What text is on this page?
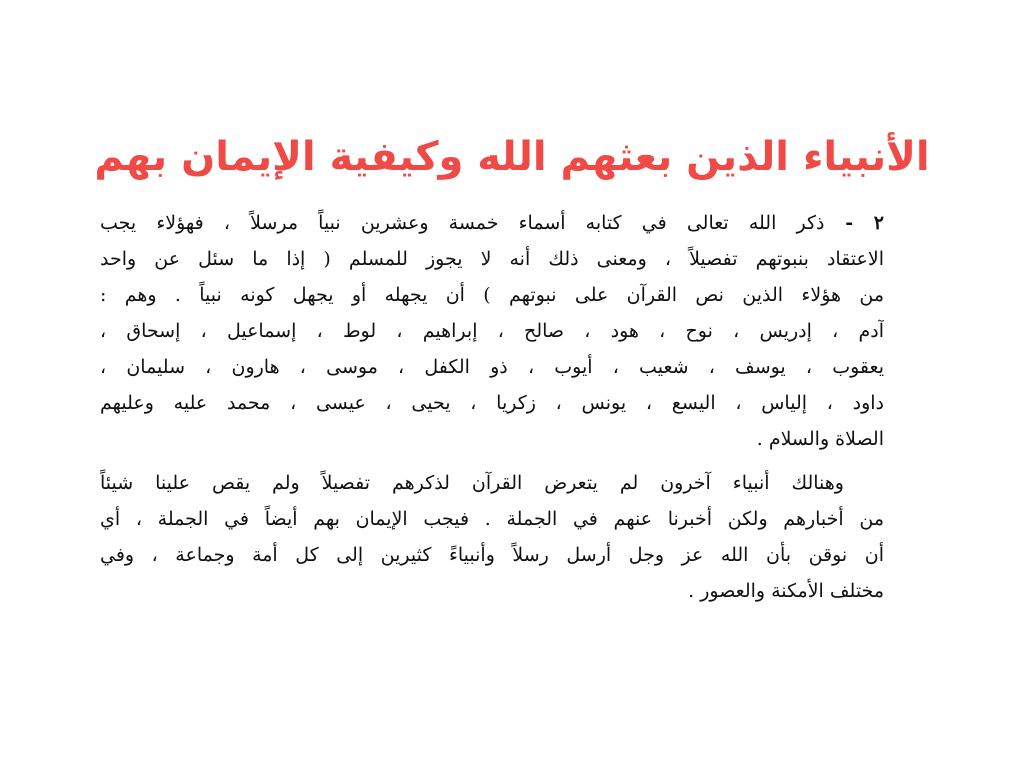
الأنبياء الذين بعثهم الله وكيفية الإيمان بهم
٢ - ذكر الله تعالى في كتابه أسماء خمسة وعشرين نبياً مرسلاً ، فهؤلاء يجب
الاعتقاد بنبوتهم تفصيلاً ، ومعنى ذلك أنه لا يجوز للمسلم ( إذا ما سئل عن واحد
من هؤلاء الذين نص القرآن على نبوتهم ) أن يجهله أو يجهل كونه نبياً . وهم :
آدم ، إدريس ، نوح ، هود ، صالح ، إبراهيم ، لوط ، إسماعيل ، إسحاق ،
يعقوب ، يوسف ، شعيب ، أيوب ، ذو الكفل ، موسى ، هارون ، سليمان ،
داود ، إلياس ، اليسع ، يونس ، زكريا ، يحيى ، عيسى ، محمد عليه وعليهم
الصلاة والسلام .
وهنالك أنبياء آخرون لم يتعرض القرآن لذكرهم تفصيلاً ولم يقص علينا شيئاً
من أخبارهم ولكن أخبرنا عنهم في الجملة . فيجب الإيمان بهم أيضاً في الجملة ، أي
أن نوقن بأن الله عز وجل أرسل رسلاً وأنبياءً كثيرين إلى كل أمة وجماعة ، وفي
مختلف الأمكنة والعصور .
